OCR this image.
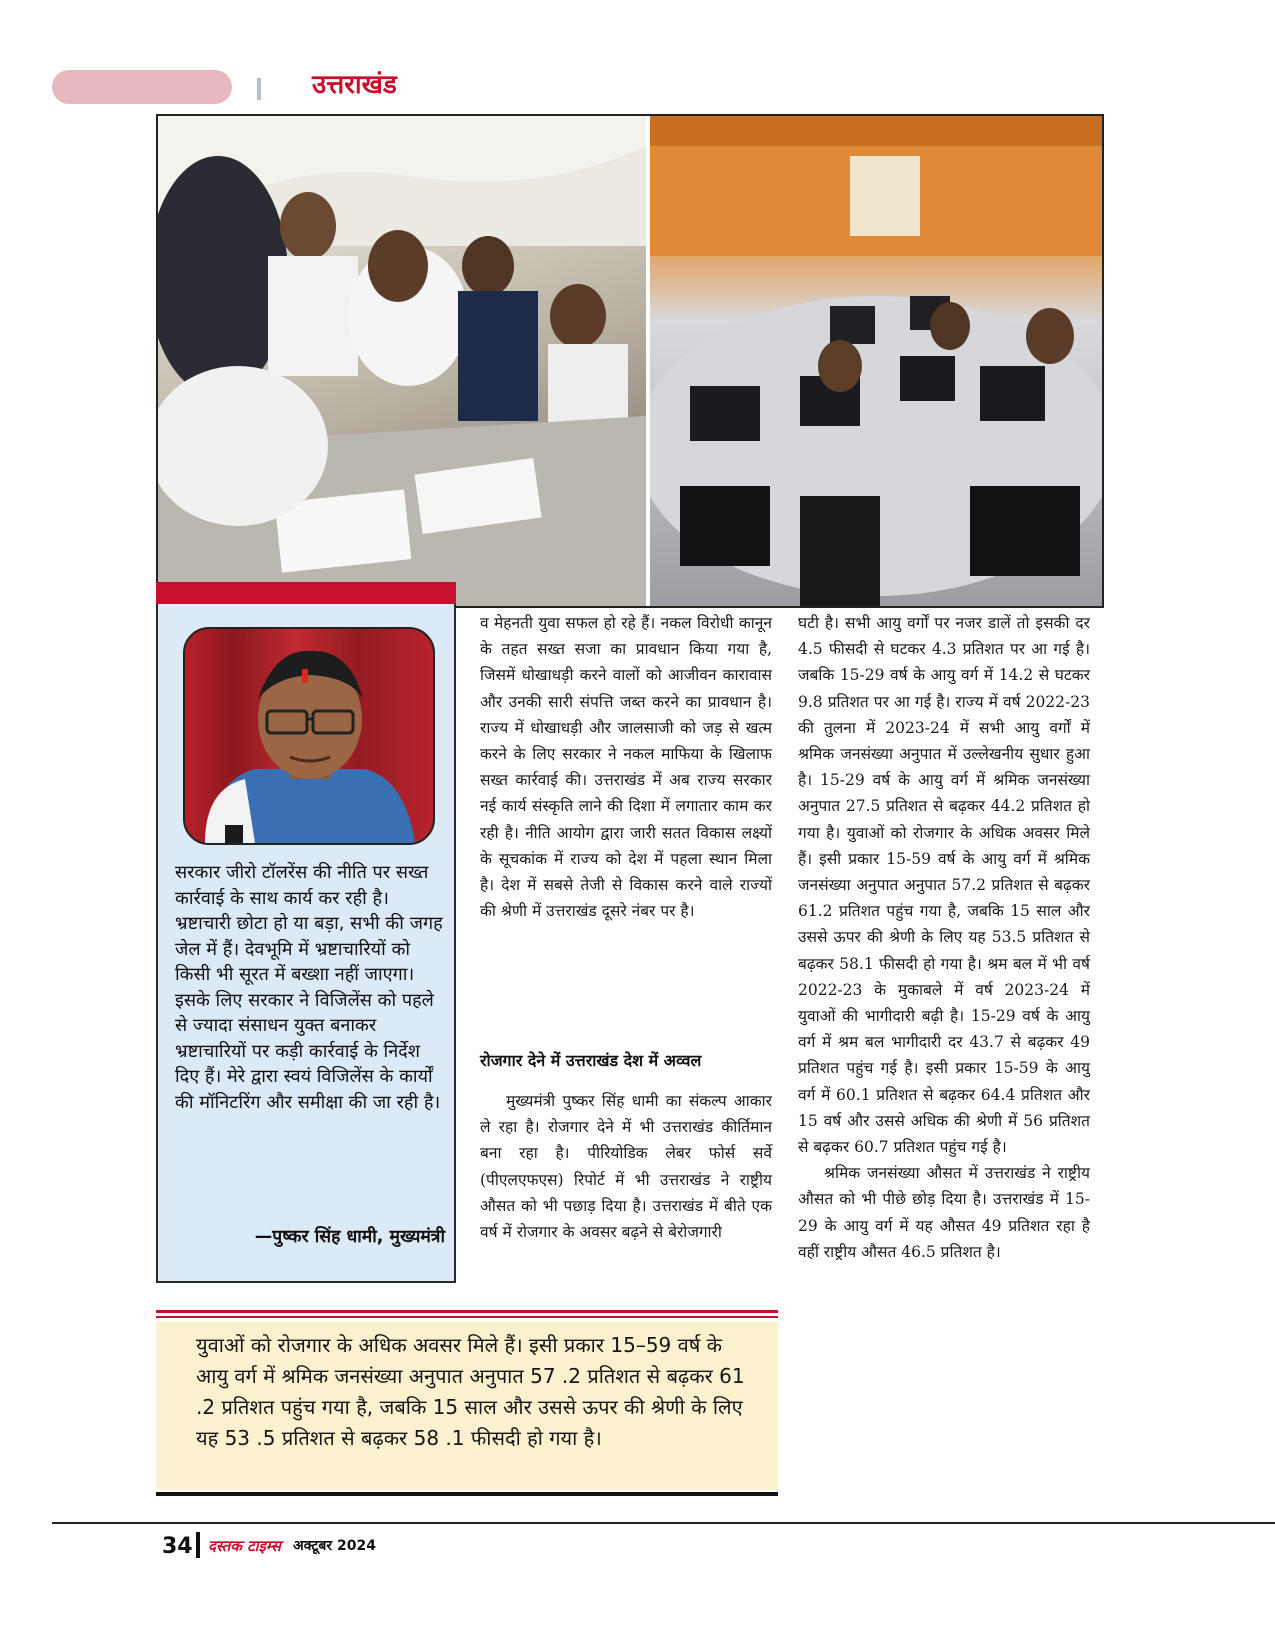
उत्तराखंड
सरकार जीरो टॉलरेंस की नीति पर सख्त कार्रवाई के साथ कार्य कर रही है। भ्रष्टाचारी छोटा हो या बड़ा, सभी की जगह जेल में हैं। देवभूमि में भ्रष्टाचारियों को किसी भी सूरत में बख्शा नहीं जाएगा। इसके लिए सरकार ने विजिलेंस को पहले से ज्यादा संसाधन युक्त बनाकर भ्रष्टाचारियों पर कड़ी कार्रवाई के निर्देश दिए हैं। मेरे द्वारा स्वयं विजिलेंस के कार्यों की मॉनिटरिंग और समीक्षा की जा रही है।
—पुष्कर सिंह धामी, मुख्यमंत्री

व मेहनती युवा सफल हो रहे हैं। नकल विरोधी कानून के तहत सख्त सजा का प्रावधान किया गया है, जिसमें धोखाधड़ी करने वालों को आजीवन कारावास और उनकी सारी संपत्ति जब्त करने का प्रावधान है। राज्य में धोखाधड़ी और जालसाजी को जड़ से खत्म करने के लिए सरकार ने नकल माफिया के खिलाफ सख्त कार्रवाई की। उत्तराखंड में अब राज्य सरकार नई कार्य संस्कृति लाने की दिशा में लगातार काम कर रही है। नीति आयोग द्वारा जारी सतत विकास लक्ष्यों के सूचकांक में राज्य को देश में पहला स्थान मिला है। देश में सबसे तेजी से विकास करने वाले राज्यों की श्रेणी में उत्तराखंड दूसरे नंबर पर है।

रोजगार देने में उत्तराखंड देश में अव्वल

मुख्यमंत्री पुष्कर सिंह धामी का संकल्प आकार ले रहा है। रोजगार देने में भी उत्तराखंड कीर्तिमान बना रहा है। पीरियोडिक लेबर फोर्स सर्वे (पीएलएफएस) रिपोर्ट में भी उत्तराखंड ने राष्ट्रीय औसत को भी पछाड़ दिया है। उत्तराखंड में बीते एक वर्ष में रोजगार के अवसर बढ़ने से बेरोजगारी

घटी है। सभी आयु वर्गों पर नजर डालें तो इसकी दर 4.5 फीसदी से घटकर 4.3 प्रतिशत पर आ गई है। जबकि 15-29 वर्ष के आयु वर्ग में 14.2 से घटकर 9.8 प्रतिशत पर आ गई है। राज्य में वर्ष 2022-23 की तुलना में 2023-24 में सभी आयु वर्गों में श्रमिक जनसंख्या अनुपात में उल्लेखनीय सुधार हुआ है। 15-29 वर्ष के आयु वर्ग में श्रमिक जनसंख्या अनुपात 27.5 प्रतिशत से बढ़कर 44.2 प्रतिशत हो गया है। युवाओं को रोजगार के अधिक अवसर मिले हैं। इसी प्रकार 15-59 वर्ष के आयु वर्ग में श्रमिक जनसंख्या अनुपात अनुपात 57.2 प्रतिशत से बढ़कर 61.2 प्रतिशत पहुंच गया है, जबकि 15 साल और उससे ऊपर की श्रेणी के लिए यह 53.5 प्रतिशत से बढ़कर 58.1 फीसदी हो गया है। श्रम बल में भी वर्ष 2022-23 के मुकाबले में वर्ष 2023-24 में युवाओं की भागीदारी बढ़ी है। 15-29 वर्ष के आयु वर्ग में श्रम बल भागीदारी दर 43.7 से बढ़कर 49 प्रतिशत पहुंच गई है। इसी प्रकार 15-59 के आयु वर्ग में 60.1 प्रतिशत से बढ़कर 64.4 प्रतिशत और 15 वर्ष और उससे अधिक की श्रेणी में 56 प्रतिशत से बढ़कर 60.7 प्रतिशत पहुंच गई है।

श्रमिक जनसंख्या औसत में उत्तराखंड ने राष्ट्रीय औसत को भी पीछे छोड़ दिया है। उत्तराखंड में 15-29 के आयु वर्ग में यह औसत 49 प्रतिशत रहा है वहीं राष्ट्रीय औसत 46.5 प्रतिशत है।

युवाओं को रोजगार के अधिक अवसर मिले हैं। इसी प्रकार 15–59 वर्ष के आयु वर्ग में श्रमिक जनसंख्या अनुपात अनुपात 57 .2 प्रतिशत से बढ़कर 61 .2 प्रतिशत पहुंच गया है, जबकि 15 साल और उससे ऊपर की श्रेणी के लिए यह 53 .5 प्रतिशत से बढ़कर 58 .1 फीसदी हो गया है।
34 दस्तक टाइम्स अक्टूबर 2024
